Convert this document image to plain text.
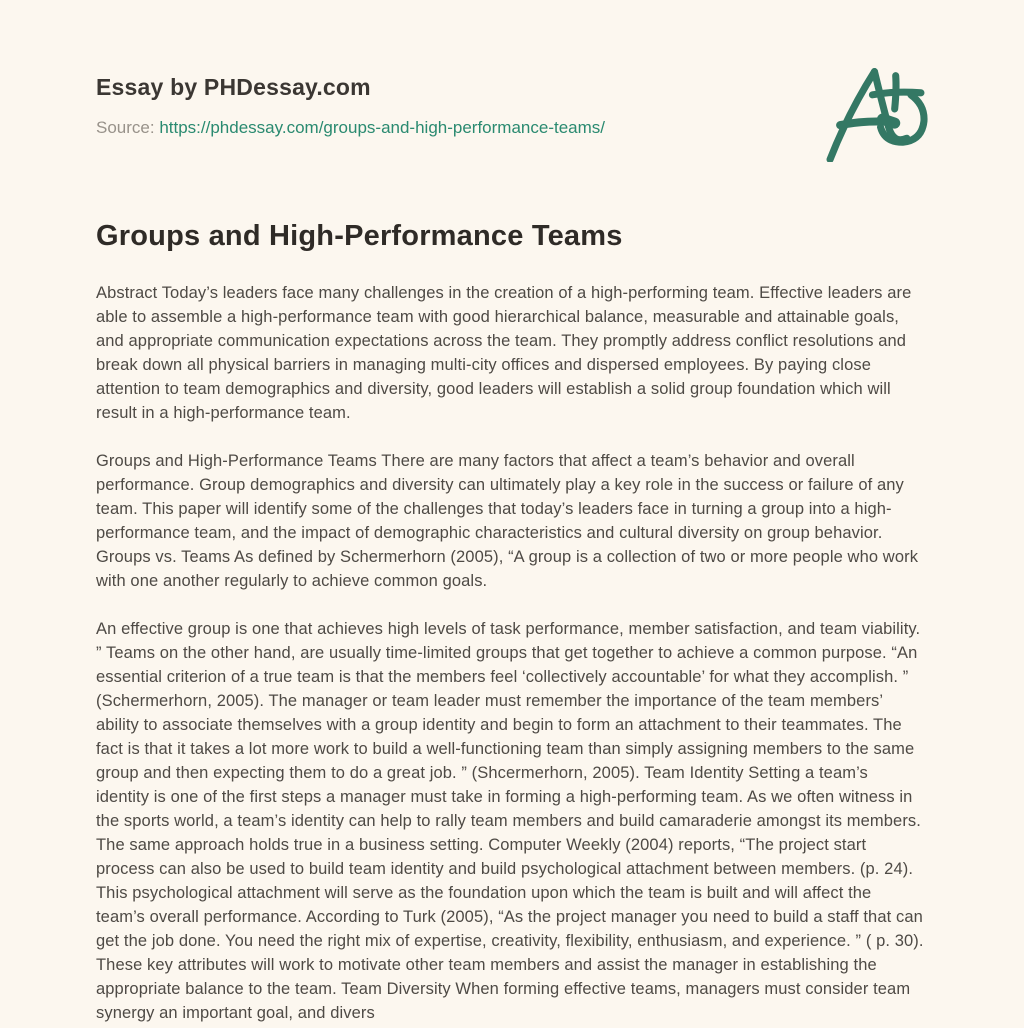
Essay by PHDessay.com
Source: https://phdessay.com/groups-and-high-performance-teams/
Groups and High-Performance Teams

Abstract Today’s leaders face many challenges in the creation of a high-performing team. Effective leaders are able to assemble a high-performance team with good hierarchical balance, measurable and attainable goals, and appropriate communication expectations across the team. They promptly address conflict resolutions and break down all physical barriers in managing multi-city offices and dispersed employees. By paying close attention to team demographics and diversity, good leaders will establish a solid group foundation which will result in a high-performance team.

Groups and High-Performance Teams There are many factors that affect a team’s behavior and overall performance. Group demographics and diversity can ultimately play a key role in the success or failure of any team. This paper will identify some of the challenges that today’s leaders face in turning a group into a high-performance team, and the impact of demographic characteristics and cultural diversity on group behavior. Groups vs. Teams As defined by Schermerhorn (2005), “A group is a collection of two or more people who work with one another regularly to achieve common goals.

An effective group is one that achieves high levels of task performance, member satisfaction, and team viability. ” Teams on the other hand, are usually time-limited groups that get together to achieve a common purpose. “An essential criterion of a true team is that the members feel ‘collectively accountable’ for what they accomplish. ” (Schermerhorn, 2005). The manager or team leader must remember the importance of the team members’ ability to associate themselves with a group identity and begin to form an attachment to their teammates. The fact is that it takes a lot more work to build a well-functioning team than simply assigning members to the same group and then expecting them to do a great job. ” (Shcermerhorn, 2005). Team Identity Setting a team’s identity is one of the first steps a manager must take in forming a high-performing team. As we often witness in the sports world, a team’s identity can help to rally team members and build camaraderie amongst its members. The same approach holds true in a business setting. Computer Weekly (2004) reports, “The project start process can also be used to build team identity and build psychological attachment between members. (p. 24). This psychological attachment will serve as the foundation upon which the team is built and will affect the team’s overall performance. According to Turk (2005), “As the project manager you need to build a staff that can get the job done. You need the right mix of expertise, creativity, flexibility, enthusiasm, and experience. ” ( p. 30). These key attributes will work to motivate other team members and assist the manager in establishing the appropriate balance to the team. Team Diversity When forming effective teams, managers must consider team synergy an important goal, and divers
